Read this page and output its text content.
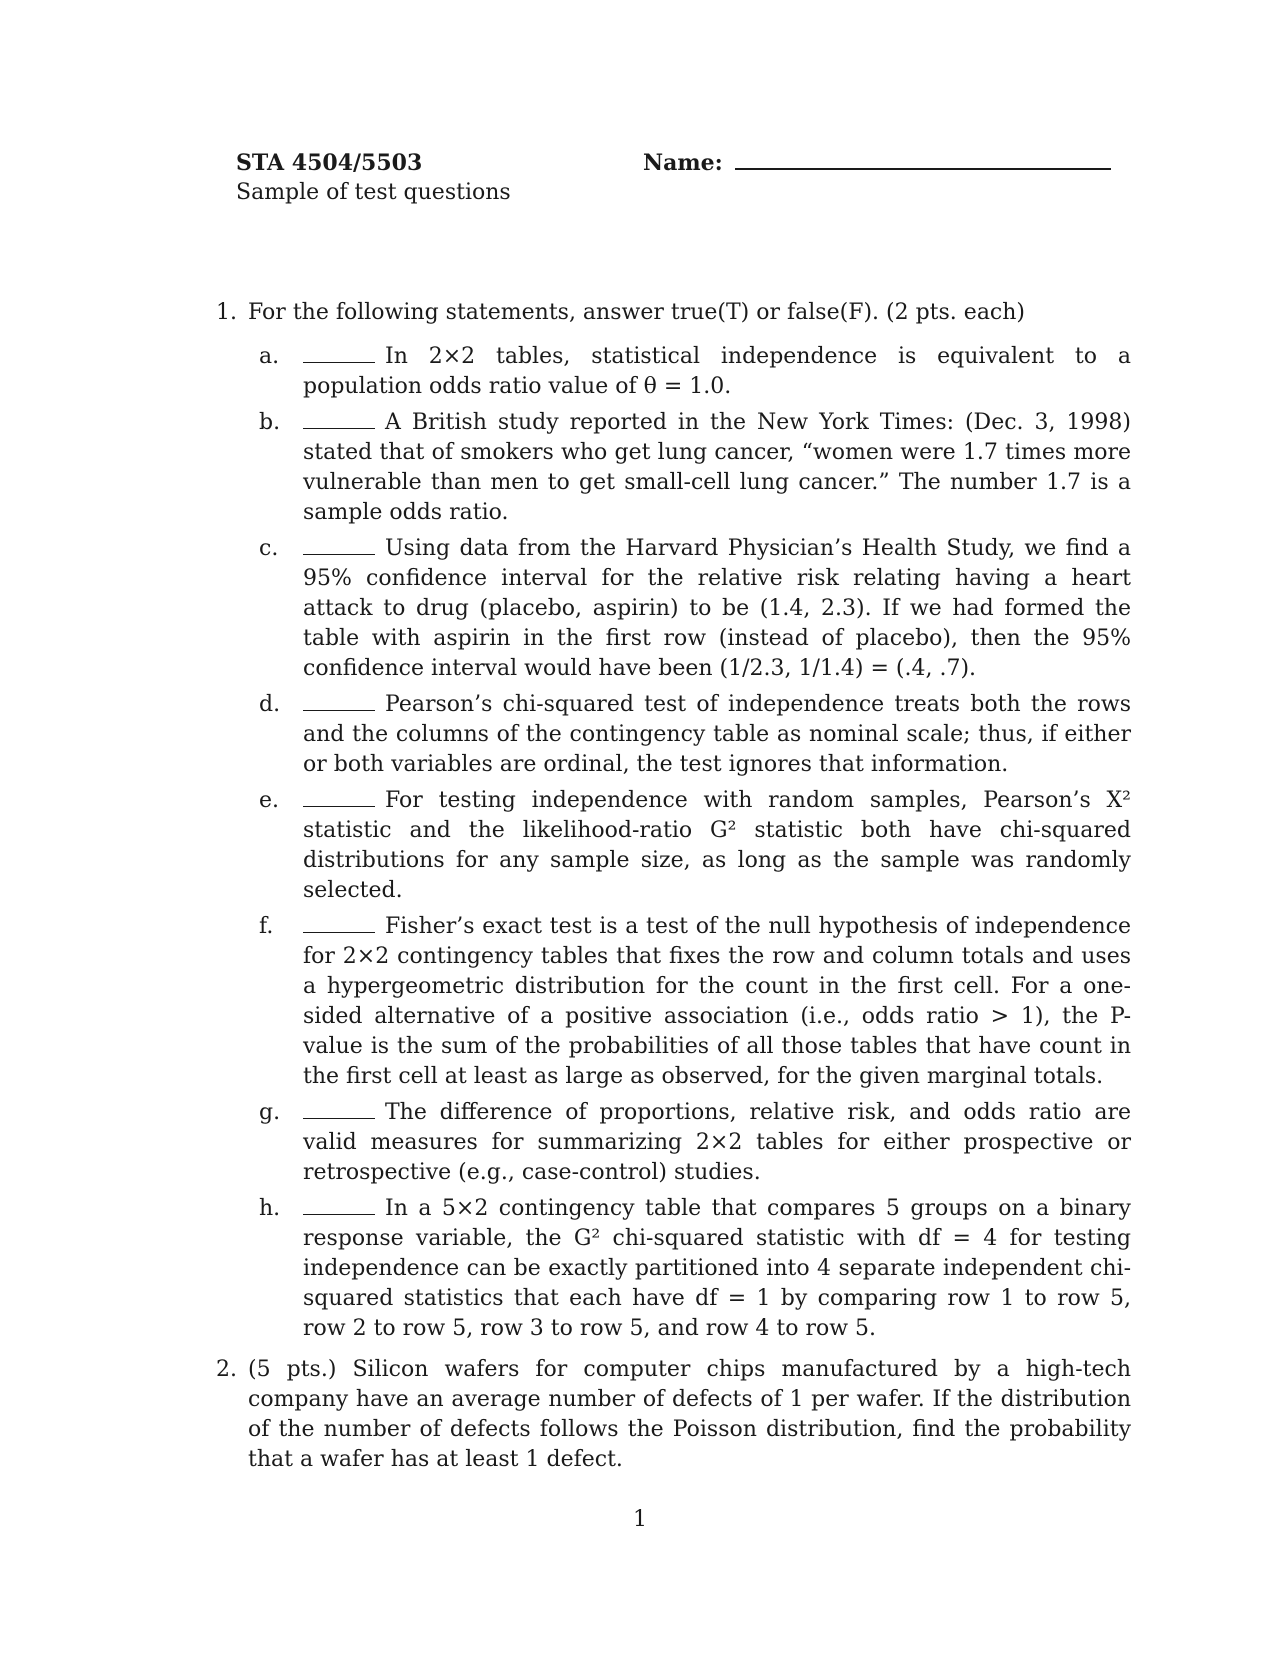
STA 4504/5503
Sample of test questions
Name:
1. For the following statements, answer true(T) or false(F). (2 pts. each)
a.	In 2×2 tables, statistical independence is equivalent to a population odds ratio value of θ = 1.0.
b.	A British study reported in the New York Times: (Dec. 3, 1998) stated that of smokers who get lung cancer, “women were 1.7 times more vulnerable than men to get small-cell lung cancer.” The number 1.7 is a sample odds ratio.
c.	Using data from the Harvard Physician’s Health Study, we find a 95% confidence interval for the relative risk relating having a heart attack to drug (placebo, aspirin) to be (1.4, 2.3). If we had formed the table with aspirin in the first row (instead of placebo), then the 95% confidence interval would have been (1/2.3, 1/1.4) = (.4, .7).
d.	Pearson’s chi-squared test of independence treats both the rows and the columns of the contingency table as nominal scale; thus, if either or both variables are ordinal, the test ignores that information.
e.	For testing independence with random samples, Pearson’s X² statistic and the likelihood-ratio G² statistic both have chi-squared distributions for any sample size, as long as the sample was randomly selected.
f.	Fisher’s exact test is a test of the null hypothesis of independence for 2×2 contingency tables that fixes the row and column totals and uses a hypergeometric distribution for the count in the first cell. For a one-sided alternative of a positive association (i.e., odds ratio > 1), the P-value is the sum of the probabilities of all those tables that have count in the first cell at least as large as observed, for the given marginal totals.
g.	The difference of proportions, relative risk, and odds ratio are valid measures for summarizing 2×2 tables for either prospective or retrospective (e.g., case-control) studies.
h.	In a 5×2 contingency table that compares 5 groups on a binary response variable, the G² chi-squared statistic with df = 4 for testing independence can be exactly partitioned into 4 separate independent chi-squared statistics that each have df = 1 by comparing row 1 to row 5, row 2 to row 5, row 3 to row 5, and row 4 to row 5.
2. (5 pts.) Silicon wafers for computer chips manufactured by a high-tech company have an average number of defects of 1 per wafer. If the distribution of the number of defects follows the Poisson distribution, find the probability that a wafer has at least 1 defect.
1
